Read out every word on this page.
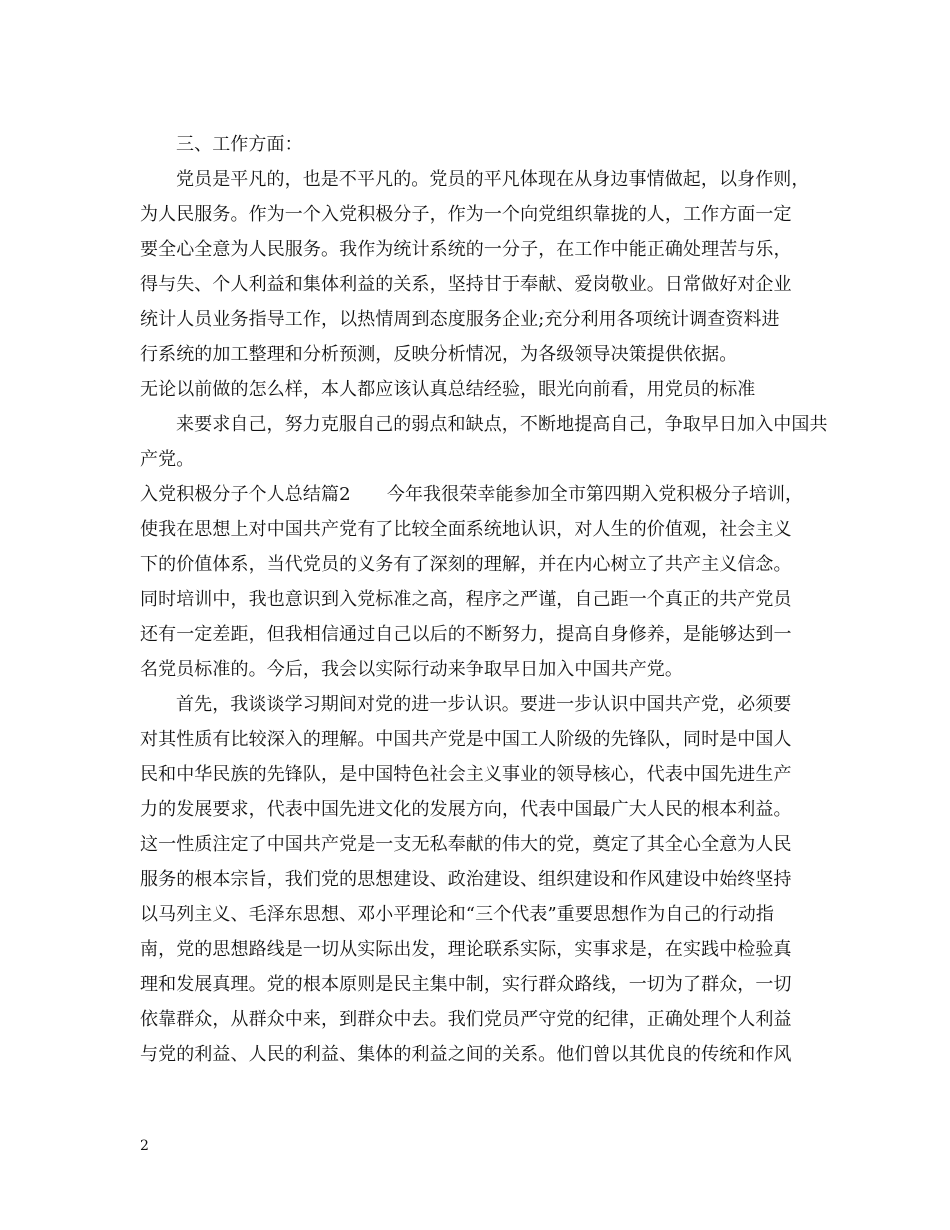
三、工作方面：
党员是平凡的，也是不平凡的。党员的平凡体现在从身边事情做起，以身作则，
为人民服务。作为一个入党积极分子，作为一个向党组织靠拢的人，工作方面一定
要全心全意为人民服务。我作为统计系统的一分子，在工作中能正确处理苦与乐，
得与失、个人利益和集体利益的关系，坚持甘于奉献、爱岗敬业。日常做好对企业
统计人员业务指导工作，以热情周到态度服务企业;充分利用各项统计调查资料进
行系统的加工整理和分析预测，反映分析情况，为各级领导决策提供依据。
无论以前做的怎么样，本人都应该认真总结经验，眼光向前看，用党员的标准
来要求自己，努力克服自己的弱点和缺点，不断地提高自己，争取早日加入中国共
产党。
入党积极分子个人总结篇2　　今年我很荣幸能参加全市第四期入党积极分子培训，
使我在思想上对中国共产党有了比较全面系统地认识，对人生的价值观，社会主义
下的价值体系，当代党员的义务有了深刻的理解，并在内心树立了共产主义信念。
同时培训中，我也意识到入党标准之高，程序之严谨，自己距一个真正的共产党员
还有一定差距，但我相信通过自己以后的不断努力，提高自身修养，是能够达到一
名党员标准的。今后，我会以实际行动来争取早日加入中国共产党。
首先，我谈谈学习期间对党的进一步认识。要进一步认识中国共产党，必须要
对其性质有比较深入的理解。中国共产党是中国工人阶级的先锋队，同时是中国人
民和中华民族的先锋队，是中国特色社会主义事业的领导核心，代表中国先进生产
力的发展要求，代表中国先进文化的发展方向，代表中国最广大人民的根本利益。
这一性质注定了中国共产党是一支无私奉献的伟大的党，奠定了其全心全意为人民
服务的根本宗旨，我们党的思想建设、政治建设、组织建设和作风建设中始终坚持
以马列主义、毛泽东思想、邓小平理论和“三个代表”重要思想作为自己的行动指
南，党的思想路线是一切从实际出发，理论联系实际，实事求是，在实践中检验真
理和发展真理。党的根本原则是民主集中制，实行群众路线，一切为了群众，一切
依靠群众，从群众中来，到群众中去。我们党员严守党的纪律，正确处理个人利益
与党的利益、人民的利益、集体的利益之间的关系。他们曾以其优良的传统和作风
2
